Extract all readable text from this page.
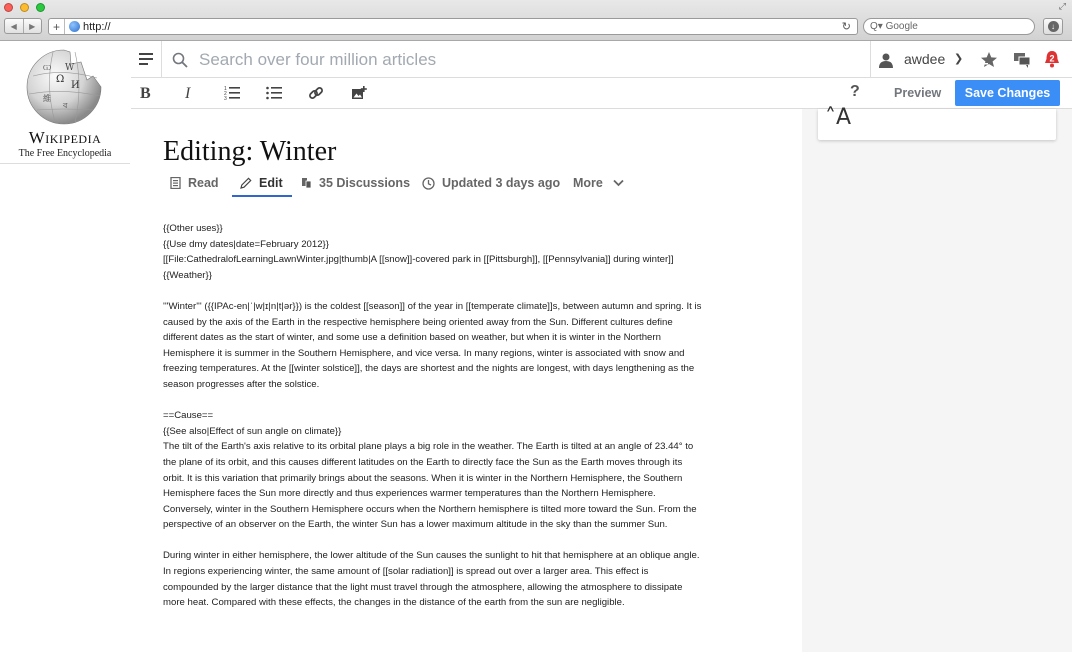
⤢
◀	▶	+	http://	↻	Q▾ Google	↓
Ω
И
維
W
Ѡ
ব
Wikipedia
The Free Encyclopedia
Search over four million articles
awdee ❯	2
B I	1
2
3	?	Preview	Save Changes
˄A
Editing: Winter
Read	Edit	35 Discussions	Updated 3 days ago More

{{Other uses}}
{{Use dmy dates|date=February 2012}}
[[File:CathedralofLearningLawnWinter.jpg|thumb|A [[snow]]-covered park in [[Pittsburgh]], [[Pennsylvania]] during winter]]
{{Weather}}

'''Winter''' ({{IPAc-en|ˈ|w|ɪ|n|t|ər}}) is the coldest [[season]] of the year in [[temperate climate]]s, between autumn and spring. It is caused by the axis of the Earth in the respective hemisphere being oriented away from the Sun. Different cultures define different dates as the start of winter, and some use a definition based on weather, but when it is winter in the Northern Hemisphere it is summer in the Southern Hemisphere, and vice versa. In many regions, winter is associated with snow and freezing temperatures. At the [[winter solstice]], the days are shortest and the nights are longest, with days lengthening as the season progresses after the solstice.

==Cause==
{{See also|Effect of sun angle on climate}}
The tilt of the Earth's axis relative to its orbital plane plays a big role in the weather. The Earth is tilted at an angle of 23.44° to the plane of its orbit, and this causes different latitudes on the Earth to directly face the Sun as the Earth moves through its orbit. It is this variation that primarily brings about the seasons. When it is winter in the Northern Hemisphere, the Southern Hemisphere faces the Sun more directly and thus experiences warmer temperatures than the Northern Hemisphere. Conversely, winter in the Southern Hemisphere occurs when the Northern hemisphere is tilted more toward the Sun. From the perspective of an observer on the Earth, the winter Sun has a lower maximum altitude in the sky than the summer Sun.

During winter in either hemisphere, the lower altitude of the Sun causes the sunlight to hit that hemisphere at an oblique angle. In regions experiencing winter, the same amount of [[solar radiation]] is spread out over a larger area. This effect is compounded by the larger distance that the light must travel through the atmosphere, allowing the atmosphere to dissipate more heat. Compared with these effects, the changes in the distance of the earth from the sun are negligible.
